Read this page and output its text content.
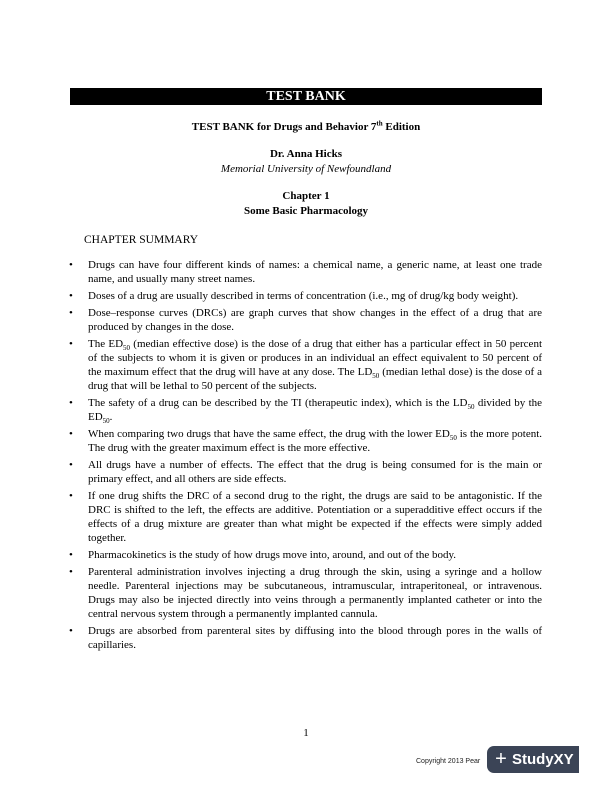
TEST BANK
TEST BANK for Drugs and Behavior 7th Edition
Dr. Anna Hicks
Memorial University of Newfoundland
Chapter 1
Some Basic Pharmacology
CHAPTER SUMMARY
• Drugs can have four different kinds of names: a chemical name, a generic name, at least one trade name, and usually many street names.
• Doses of a drug are usually described in terms of concentration (i.e., mg of drug/kg body weight).
• Dose–response curves (DRCs) are graph curves that show changes in the effect of a drug that are produced by changes in the dose.
• The $ED_{50}$ (median effective dose) is the dose of a drug that either has a particular effect in 50 percent of the subjects to whom it is given or produces in an individual an effect equivalent to 50 percent of the maximum effect that the drug will have at any dose. The $LD_{50}$ (median lethal dose) is the dose of a drug that will be lethal to 50 percent of the subjects.
• The safety of a drug can be described by the TI (therapeutic index), which is the $LD_{50}$ divided by the $ED_{50}$.
• When comparing two drugs that have the same effect, the drug with the lower $ED_{50}$ is the more potent. The drug with the greater maximum effect is the more effective.
• All drugs have a number of effects. The effect that the drug is being consumed for is the main or primary effect, and all others are side effects.
• If one drug shifts the DRC of a second drug to the right, the drugs are said to be antagonistic. If the DRC is shifted to the left, the effects are additive. Potentiation or a superadditive effect occurs if the effects of a drug mixture are greater than what might be expected if the effects were simply added together.
• Pharmacokinetics is the study of how drugs move into, around, and out of the body.
• Parenteral administration involves injecting a drug through the skin, using a syringe and a hollow needle. Parenteral injections may be subcutaneous, intramuscular, intraperitoneal, or intravenous. Drugs may also be injected directly into veins through a permanently implanted catheter or into the central nervous system through a permanently implanted cannula.
• Drugs are absorbed from parenteral sites by diffusing into the blood through pores in the walls of capillaries.
1
Copyright 2013 Pear + StudyXY
